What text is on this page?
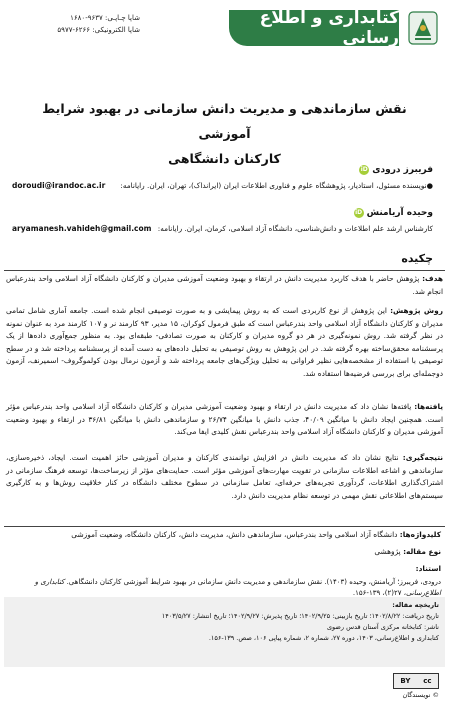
کتابداری و اطلاع رسانی
شاپا چـاپـی: ۹۶۳۷-۱۶۸۰
شاپا الکترونیکی: ۶۲۶۶-۵۹۷۷
نقش سازماندهی و مدیریت دانش سازمانی در بهبود شرایط آموزشی
کارکنان دانشگاهی
فریبرز درودی
iD
●نویسنده مسئول، استادیار، پژوهشگاه علوم و فناوری اطلاعات ایران (ایرانداک)، تهران، ایران. رایانامه:
doroudi@irandoc.ac.ir
وحیده آریامنش
iD
کارشناس ارشد علم اطلاعات و دانش‌شناسی، دانشگاه آزاد اسلامی، کرمان، ایران. رایانامه:
aryamanesh.vahideh@gmail.com
چکیده
هدف: پژوهش حاضر با هدف کاربرد مدیریت دانش در ارتقاء و بهبود وضعیت آموزشی مدیران و کارکنان دانشگاه آزاد اسلامی واحد بندرعباس انجام شد.
روش پژوهش: این پژوهش از نوع کاربردی است که به روش پیمایشی و به صورت توصیفی انجام شده است. جامعه آماری شامل تمامی مدیران و کارکنان دانشگاه آزاد اسلامی واحد بندرعباس است که طبق فرمول کوکران، ۱۵ مدیر، ۹۳ کارمند نر و ۱۰۷ کارمند مرد به عنوان نمونه در نظر گرفته شد. روش نمونه‌گیری در هر دو گروه مدیران و کارکنان به صورت تصادفی- طبقه‌ای بود. به منظور جمع‌آوری داده‌ها از یک پرسشنامه محقق‌ساخته بهره گرفته شد. در این پژوهش به روش توصیفی به تحلیل داده‌های به دست آمده از پرسشنامه پرداخته شد و در سطح توصیفی با استفاده از مشخصه‌هایی نظیر فراوانی به تحلیل ویژگی‌های جامعه پرداخته شد و آزمون نرمال بودن کولموگروف- اسمیرنف، آزمون دوجمله‌ای برای بررسی فرضیه‌ها استفاده شد.
یافته‌ها: یافته‌ها نشان داد که مدیریت دانش در ارتقاء و بهبود وضعیت آموزشی مدیران و کارکنان دانشگاه آزاد اسلامی واحد بندرعباس مؤثر است. همچنین ایجاد دانش با میانگین ۴۰/۰۹، جذب دانش با میانگین ۲۶/۷۴ و سازماندهی دانش با میانگین ۳۶/۸۱ در ارتقاء و بهبود وضعیت آموزشی مدیران و کارکنان دانشگاه آزاد اسلامی واحد بندرعباس نقش کلیدی ایفا می‌کند.
نتیجه‌گیری: نتایج نشان داد که مدیریت دانش در افزایش توانمندی کارکنان و مدیران آموزشی حائز اهمیت است. ایجاد، ذخیره‌سازی، سازماندهی و اشاعه اطلاعات سازمانی در تقویت مهارت‌های آموزشی مؤثر است. حمایت‌های مؤثر از زیرساخت‌ها، توسعه فرهنگ سازمانی در اشتراک‌گذاری اطلاعات، گردآوری تجربه‌های حرفه‌ای، تعامل سازمانی در سطوح مختلف دانشگاه در کنار خلاقیت روش‌ها و به کارگیری سیستم‌های اطلاعاتی نقش مهمی در توسعه نظام مدیریت دانش دارد.
کلیدواژه‌ها: دانشگاه آزاد اسلامی واحد بندرعباس، سازماندهی دانش، مدیریت دانش، کارکنان دانشگاه، وضعیت آموزشی
نوع مقاله: پژوهشی
استناد:
درودی، فریبرز؛ آریامنش، وحیده (۱۴۰۳). نقش سازماندهی و مدیریت دانش سازمانی در بهبود شرایط آموزشی کارکنان دانشگاهی. کتابداری و اطلاع‌رسانی، ۲۷(۲)، ۱۳۹-۱۵۶.
تاریخچه مقاله:
تاریخ دریافت: ۱۴۰۲/۸/۲۲؛ تاریخ بازبینی: ۱۴۰۲/۹/۲۵؛ تاریخ پذیرش: ۱۴۰۲/۹/۲۷؛ تاریخ انتشار: ۱۴۰۳/۵/۲۷
ناشر: کتابخانه مرکزی آستان قدس رضوی
کتابداری و اطلاع‌رسانی، ۱۴۰۳، دوره ۲۷، شماره ۲، شماره پیاپی ۱۰۶، صص. ۱۳۹-۱۵۶.
cc
BY
© نویسندگان
